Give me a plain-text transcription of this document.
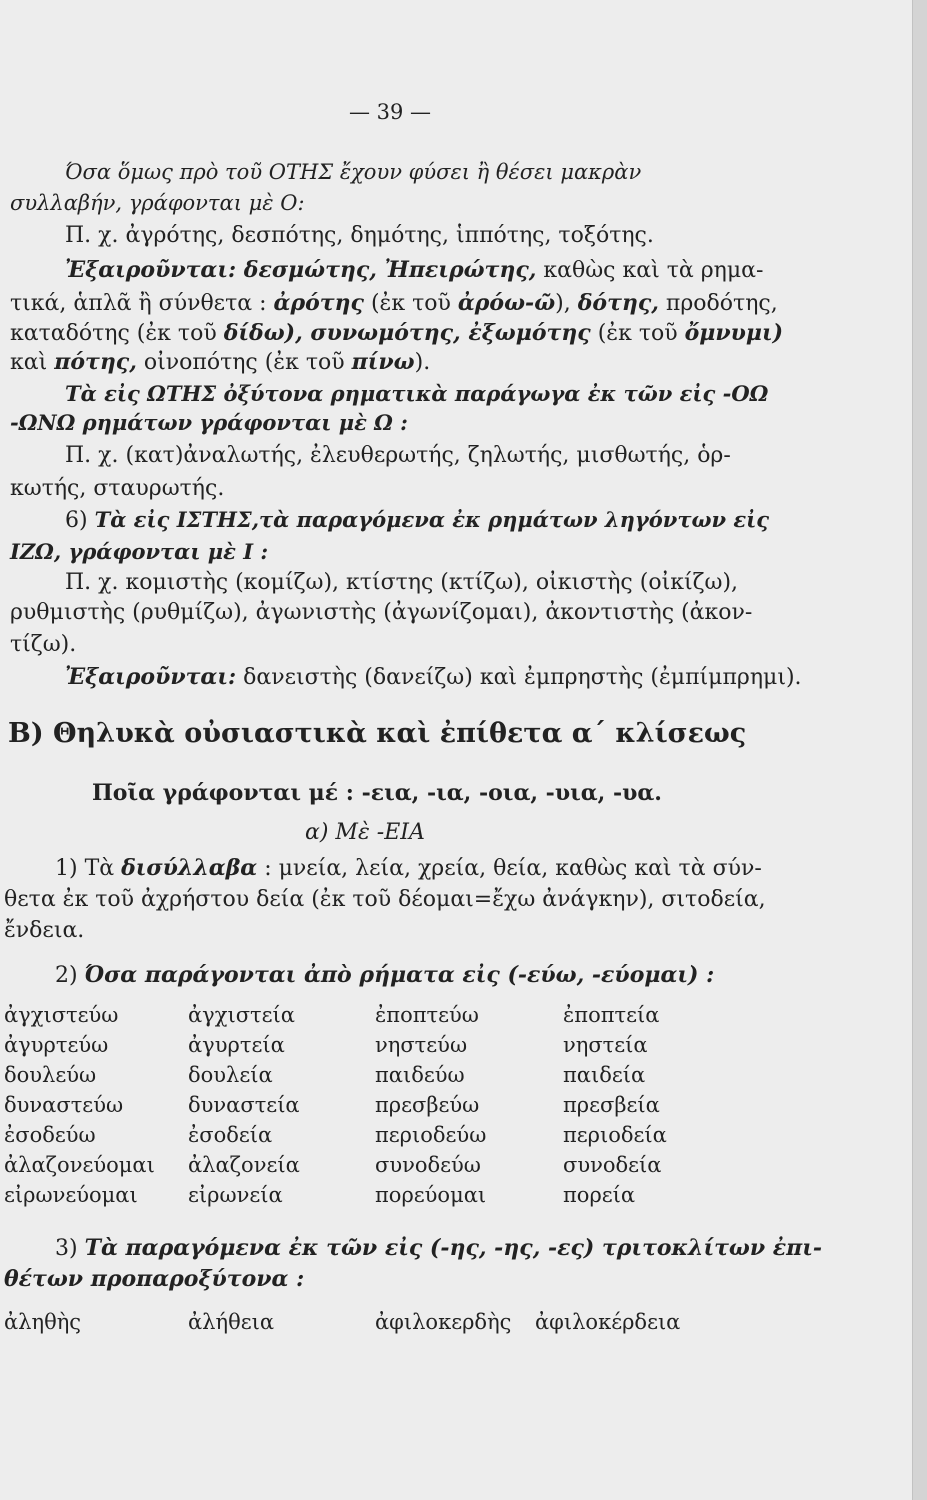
— 39 —
Όσα ὅμως πρὸ τοῦ ΟΤΗΣ ἔχουν φύσει ἢ θέσει μακρὰν
συλλαβήν, γράφονται μὲ Ο:
Π. χ. ἀγρότης, δεσπότης, δημότης, ἱππότης, τοξότης.
Ἐξαιροῦνται: δεσμώτης, Ἠπειρώτης, καθὼς καὶ τὰ ρημα-
τικά, ἁπλᾶ ἢ σύνθετα : ἀρότης (ἐκ τοῦ ἀρόω-ῶ), δότης, προδότης,
καταδότης (ἐκ τοῦ δίδω), συνωμότης, ἐξωμότης (ἐκ τοῦ ὄμνυμι)
καὶ πότης, οἰνοπότης (ἐκ τοῦ πίνω).
Τὰ εἰς ΩΤΗΣ ὀξύτονα ρηματικὰ παράγωγα ἐκ τῶν εἰς -ΟΩ
-ΩΝΩ ρημάτων γράφονται μὲ Ω :
Π. χ. (κατ)ἀναλωτής, ἐλευθερωτής, ζηλωτής, μισθωτής, ὁρ-
κωτής, σταυρωτής.
6) Τὰ εἰς ΙΣΤΗΣ,τὰ παραγόμενα ἐκ ρημάτων ληγόντων εἰς
ΙΖΩ, γράφονται μὲ Ι :
Π. χ. κομιστὴς (κομίζω), κτίστης (κτίζω), οἰκιστὴς (οἰκίζω),
ρυθμιστὴς (ρυθμίζω), ἀγωνιστὴς (ἀγωνίζομαι), ἀκοντιστὴς (ἀκον-
τίζω).
Ἐξαιροῦνται: δανειστὴς (δανείζω) καὶ ἐμπρηστὴς (ἐμπίμπρημι).
B) Θηλυκὰ οὐσιαστικὰ καὶ ἐπίθετα α΄ κλίσεως
Ποῖα γράφονται μέ : -εια, -ια, -οια, -υια, -υα.
α) Μὲ -ΕΙΑ
1) Τὰ δισύλλαβα : μνεία, λεία, χρεία, θεία, καθὼς καὶ τὰ σύν-
θετα ἐκ τοῦ ἀχρήστου δεία (ἐκ τοῦ δέομαι=ἔχω ἀνάγκην), σιτοδεία,
ἔνδεια.
2) Όσα παράγονται ἀπὸ ρήματα εἰς (-εύω, -εύομαι) :
ἀγχιστεύω	ἀγχιστεία	ἐποπτεύω	ἐποπτεία
ἀγυρτεύω	ἀγυρτεία	νηστεύω	νηστεία
δουλεύω	δουλεία	παιδεύω	παιδεία
δυναστεύω	δυναστεία	πρεσβεύω	πρεσβεία
ἐσοδεύω	ἐσοδεία	περιοδεύω	περιοδεία
ἀλαζονεύομαι ἀλαζονεία	συνοδεύω	συνοδεία
εἰρωνεύομαι εἰρωνεία	πορεύομαι	πορεία
3) Τὰ παραγόμενα ἐκ τῶν εἰς (-ης, -ης, -ες) τριτοκλίτων ἐπι-
θέτων προπαροξύτονα :
ἀληθὴς	ἀλήθεια	ἀφιλοκερδὴς ἀφιλοκέρδεια
